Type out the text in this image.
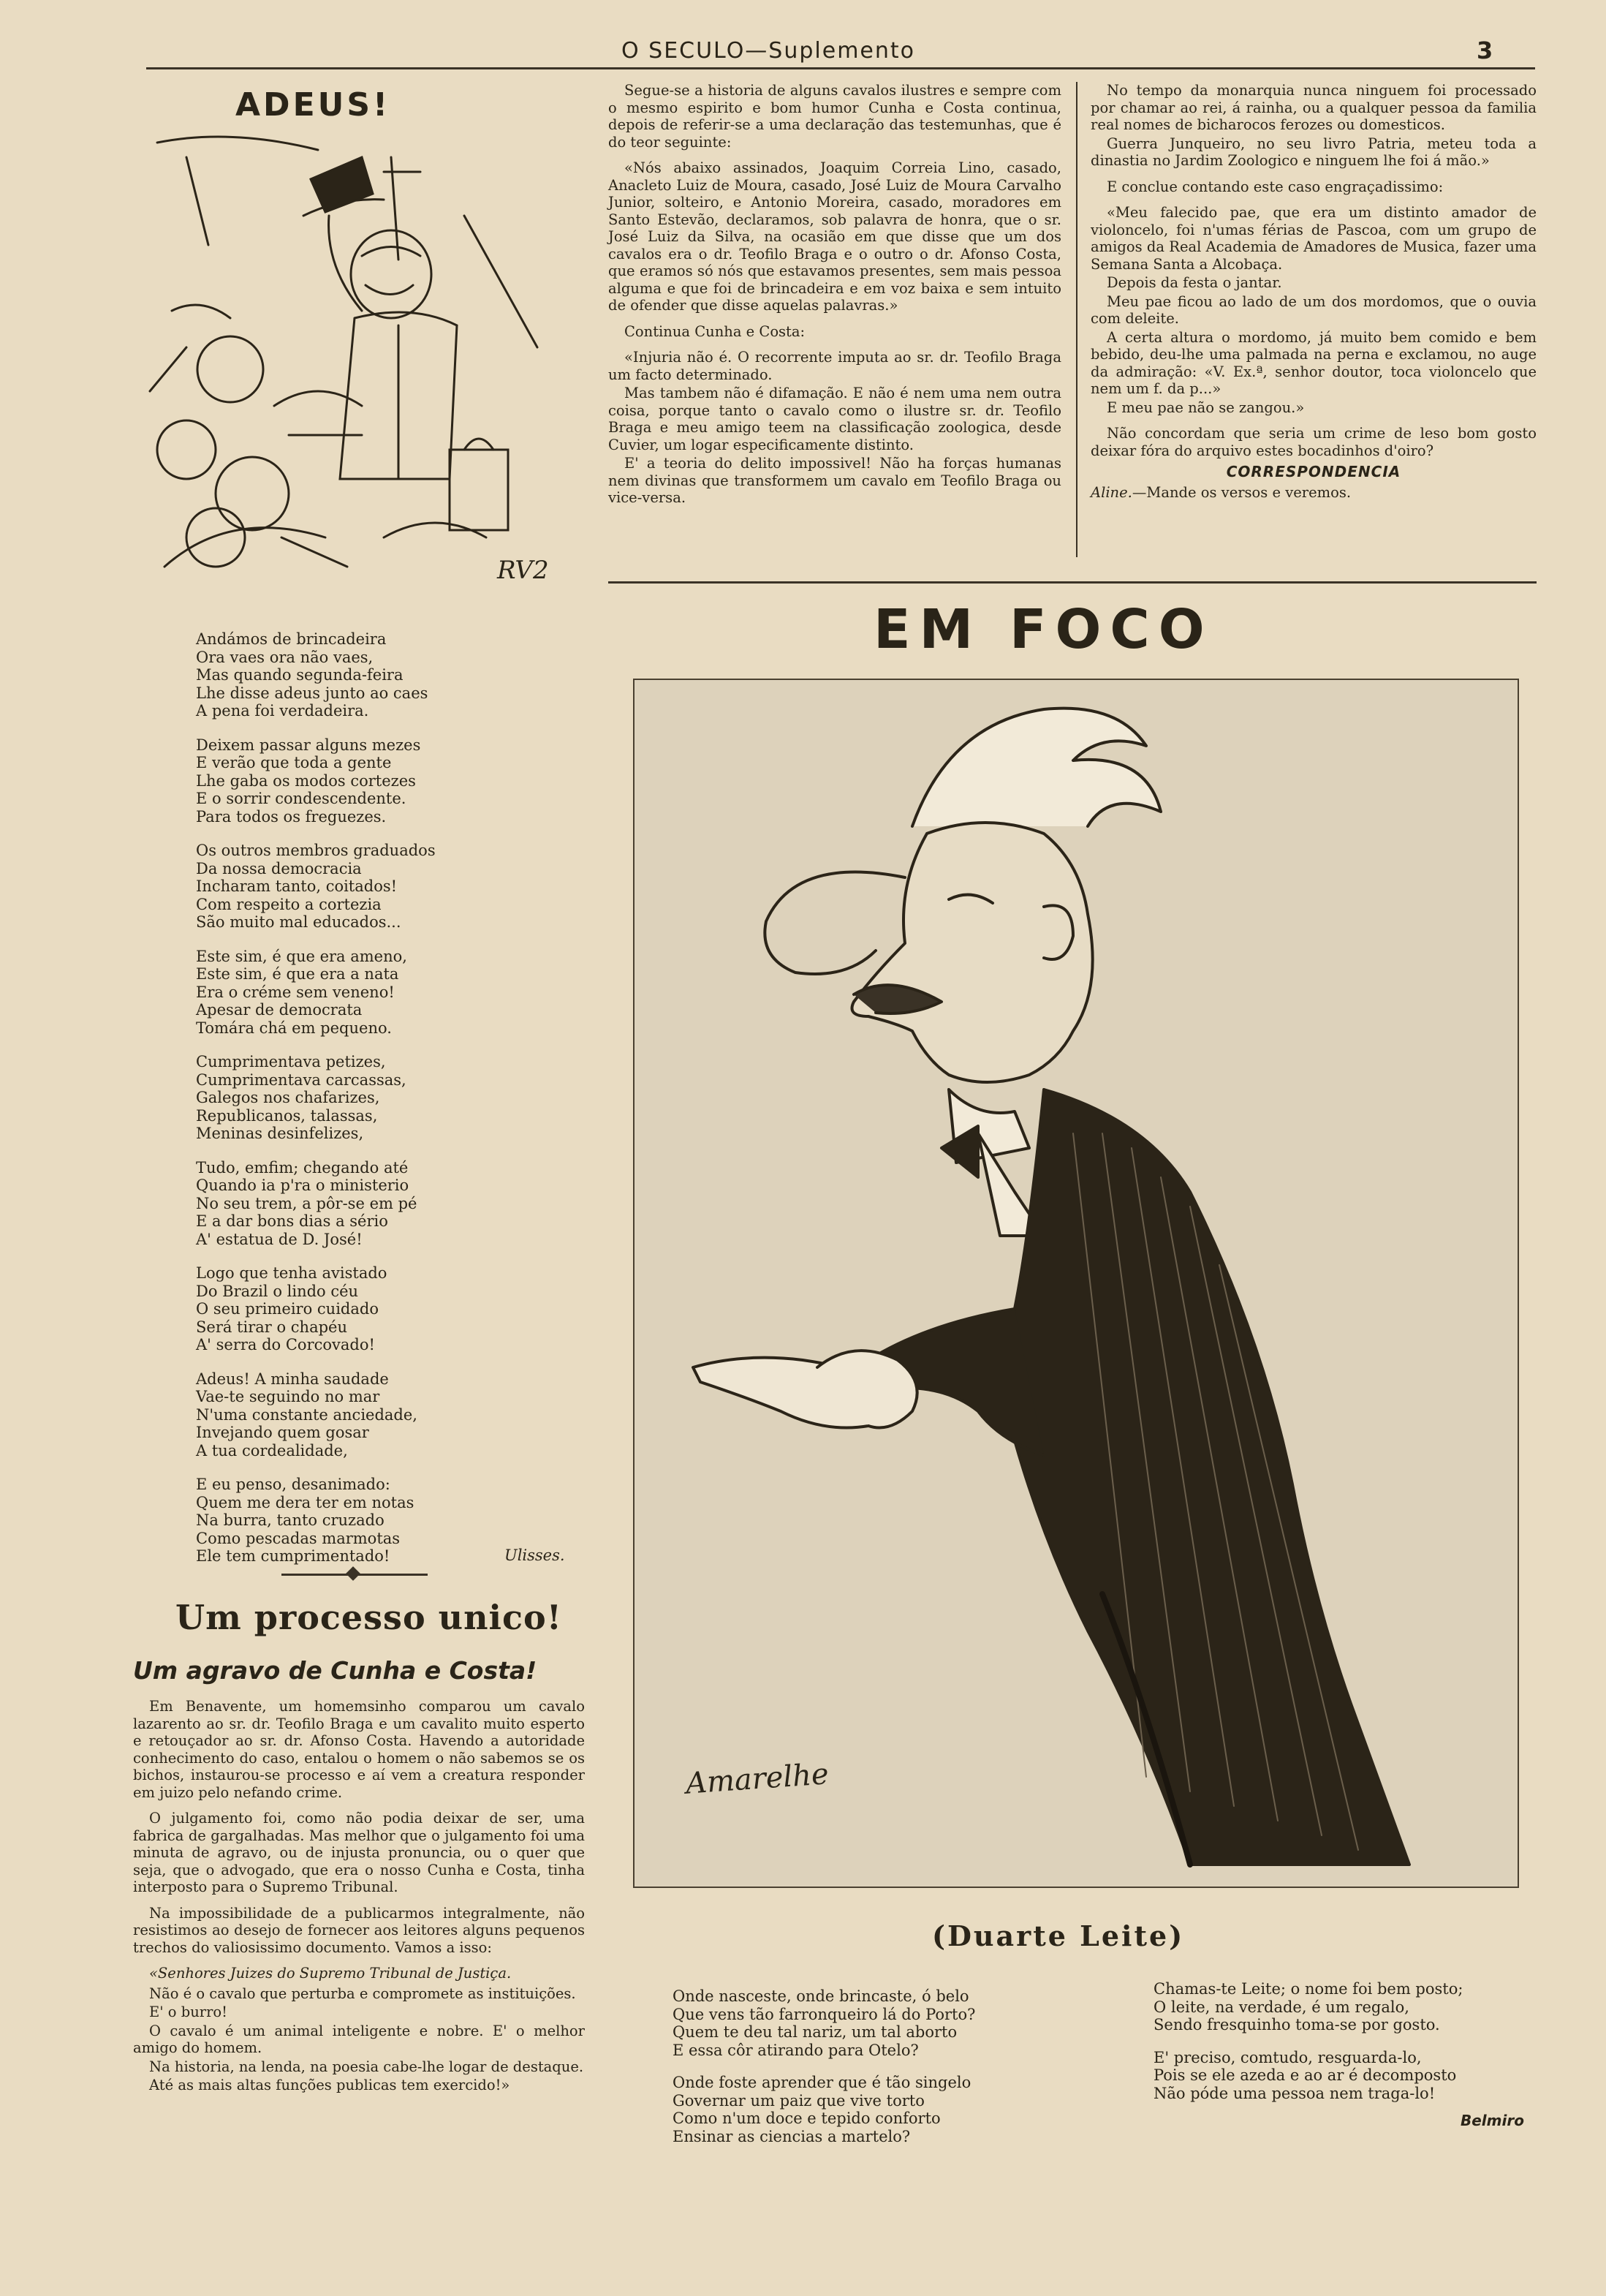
O SECULO—Suplemento	3
ADEUS!
RV2
Andámos de brincadeira
Ora vaes ora não vaes,
Mas quando segunda-feira
Lhe disse adeus junto ao caes
A pena foi verdadeira.
Deixem passar alguns mezes
E verão que toda a gente
Lhe gaba os modos cortezes
E o sorrir condescendente.
Para todos os freguezes.
Os outros membros graduados
Da nossa democracia
Incharam tanto, coitados!
Com respeito a cortezia
São muito mal educados...
Este sim, é que era ameno,
Este sim, é que era a nata
Era o créme sem veneno!
Apesar de democrata
Tomára chá em pequeno.
Cumprimentava petizes,
Cumprimentava carcassas,
Galegos nos chafarizes,
Republicanos, talassas,
Meninas desinfelizes,
Tudo, emfim; chegando até
Quando ia p'ra o ministerio
No seu trem, a pôr-se em pé
E a dar bons dias a sério
A' estatua de D. José!
Logo que tenha avistado
Do Brazil o lindo céu
O seu primeiro cuidado
Será tirar o chapéu
A' serra do Corcovado!
Adeus! A minha saudade
Vae-te seguindo no mar
N'uma constante anciedade,
Invejando quem gosar
A tua cordealidade,
E eu penso, desanimado:
Quem me dera ter em notas
Na burra, tanto cruzado
Como pescadas marmotas
Ele tem cumprimentado!	Ulisses.
Um processo unico!
Um agravo de Cunha e Costa!

Em Benavente, um homemsinho comparou um cavalo lazarento ao sr. dr. Teofilo Braga e um cavalito muito esperto e retouçador ao sr. dr. Afonso Costa. Havendo a autoridade conhecimento do caso, entalou o homem o não sabemos se os bichos, instaurou-se processo e aí vem a creatura responder em juizo pelo nefando crime.

O julgamento foi, como não podia deixar de ser, uma fabrica de gargalhadas. Mas melhor que o julgamento foi uma minuta de agravo, ou de injusta pronuncia, ou o quer que seja, que o advogado, que era o nosso Cunha e Costa, tinha interposto para o Supremo Tribunal.

Na impossibilidade de a publicarmos integralmente, não resistimos ao desejo de fornecer aos leitores alguns pequenos trechos do valiosissimo documento. Vamos a isso:

«Senhores Juizes do Supremo Tribunal de Justiça.

Não é o cavalo que perturba e compromete as instituições.

E' o burro!

O cavalo é um animal inteligente e nobre. E' o melhor amigo do homem.

Na historia, na lenda, na poesia cabe-lhe logar de destaque.

Até as mais altas funções publicas tem exercido!»

Segue-se a historia de alguns cavalos ilustres e sempre com o mesmo espirito e bom humor Cunha e Costa continua, depois de referir-se a uma declaração das testemunhas, que é do teor seguinte:

«Nós abaixo assinados, Joaquim Correia Lino, casado, Anacleto Luiz de Moura, casado, José Luiz de Moura Carvalho Junior, solteiro, e Antonio Moreira, casado, moradores em Santo Estevão, declaramos, sob palavra de honra, que o sr. José Luiz da Silva, na ocasião em que disse que um dos cavalos era o dr. Teofilo Braga e o outro o dr. Afonso Costa, que eramos só nós que estavamos presentes, sem mais pessoa alguma e que foi de brincadeira e em voz baixa e sem intuito de ofender que disse aquelas palavras.»

Continua Cunha e Costa:

«Injuria não é. O recorrente imputa ao sr. dr. Teofilo Braga um facto determinado.

Mas tambem não é difamação. E não é nem uma nem outra coisa, porque tanto o cavalo como o ilustre sr. dr. Teofilo Braga e meu amigo teem na classificação zoologica, desde Cuvier, um logar especificamente distinto.

E' a teoria do delito impossivel! Não ha forças humanas nem divinas que transformem um cavalo em Teofilo Braga ou vice-versa.

No tempo da monarquia nunca ninguem foi processado por chamar ao rei, á rainha, ou a qualquer pessoa da familia real nomes de bicharocos ferozes ou domesticos.

Guerra Junqueiro, no seu livro Patria, meteu toda a dinastia no Jardim Zoologico e ninguem lhe foi á mão.»

E conclue contando este caso engraçadissimo:

«Meu falecido pae, que era um distinto amador de violoncelo, foi n'umas férias de Pascoa, com um grupo de amigos da Real Academia de Amadores de Musica, fazer uma Semana Santa a Alcobaça.

Depois da festa o jantar.

Meu pae ficou ao lado de um dos mordomos, que o ouvia com deleite.

A certa altura o mordomo, já muito bem comido e bem bebido, deu-lhe uma palmada na perna e exclamou, no auge da admiração: «V. Ex.ª, senhor doutor, toca violoncelo que nem um f. da p...»

E meu pae não se zangou.»

Não concordam que seria um crime de leso bom gosto deixar fóra do arquivo estes bocadinhos d'oiro?

CORRESPONDENCIA
Aline.—Mande os versos e veremos.
EM FOCO
Amarelhe
(Duarte Leite)
Onde nasceste, onde brincaste, ó belo
Que vens tão farronqueiro lá do Porto?
Quem te deu tal nariz, um tal aborto
E essa côr atirando para Otelo?
Onde foste aprender que é tão singelo
Governar um paiz que vive torto
Como n'um doce e tepido conforto
Ensinar as ciencias a martelo?
Chamas-te Leite; o nome foi bem posto;
O leite, na verdade, é um regalo,
Sendo fresquinho toma-se por gosto.
E' preciso, comtudo, resguarda-lo,
Pois se ele azeda e ao ar é decomposto
Não póde uma pessoa nem traga-lo!
Belmiro
